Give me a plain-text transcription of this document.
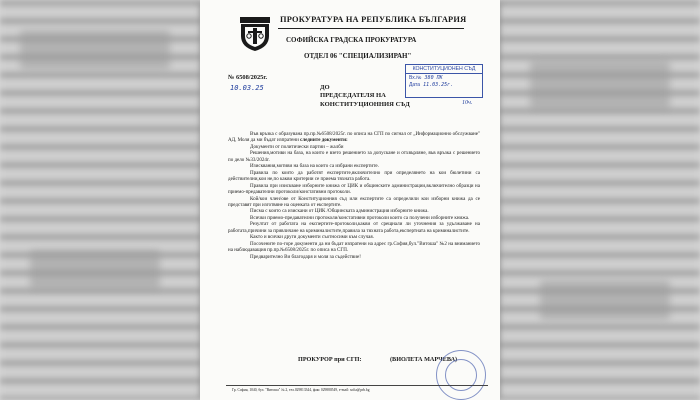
ПРОКУРАТУРА НА РЕПУБЛИКА БЪЛГАРИЯ
СОФИЙСКА ГРАДСКА ПРОКУРАТУРА
ОТДЕЛ 06 "СПЕЦИАЛИЗИРАН"
КОНСТИТУЦИОНЕН СЪД
Вх.№ 380 ПК
Дата 11.03.25г.
10ч.
№ 6508/2025г.
10.03.25	ДО
ПРЕДСЕДАТЕЛЯ НА
КОНСТИТУЦИОННИЯ СЪД

Във връзка с образувана пр.пр.№6508/2025г. по описа на СГП по сигнал от „Информационно обслужване" АД, Моля да ми бъдат изпратени следните документи:

Документи от политически партии – жалби

Решения,мотиви на база, на които е взето решението за допускане и отхвърляне, във връзка с решението по дело №33/2024г.

Изисквания,мотиви на база на които са избрани експертите.

Правила по които да работят експертите,включително при определянето на кои бюлетини са действителни,кои не,по какви критерии се приема тяхната работа.

Правила при изискване изборните книжа от ЦИК и общинските администрации,включително образци на приемо-предавателни протоколи/констативни протоколи.

Кой/кои член/ове от Конституционния съд или експертите са определили кои изборни книжа да се представят при изготвяне на оценката от експертите.

Писма с които са изискани от ЦИК /Общинската администрация изборните книжа.

Всички приемо-предавателни протоколи/констативни протоколи които са получени изборните книжа.

Резултат от работата на експертите-протоколи,какви от срещнали ли уточнения за удължаване на работата,причини за привличане на криминалистите,правила за тяхната работа,експертната на криминалистите.

Както и всички други документи съотносими към случая.

Посочените по-горе документи да ни бъдат изпратени на адрес гр.София,бул."Витоша" №2 на вниманието на наблюдаващия пр.пр.№6508/2025г. по описа на СГП.

Предварително Ви благодаря и моля за съдействие!

ПРОКУРОР при СГП:	(ВИОЛЕТА МАРЧЕВА)
Гр. София, 1040, бул. "Витоша" № 2, тел.029813344, факс 029880549, e-mail: sofia@prb.bg
